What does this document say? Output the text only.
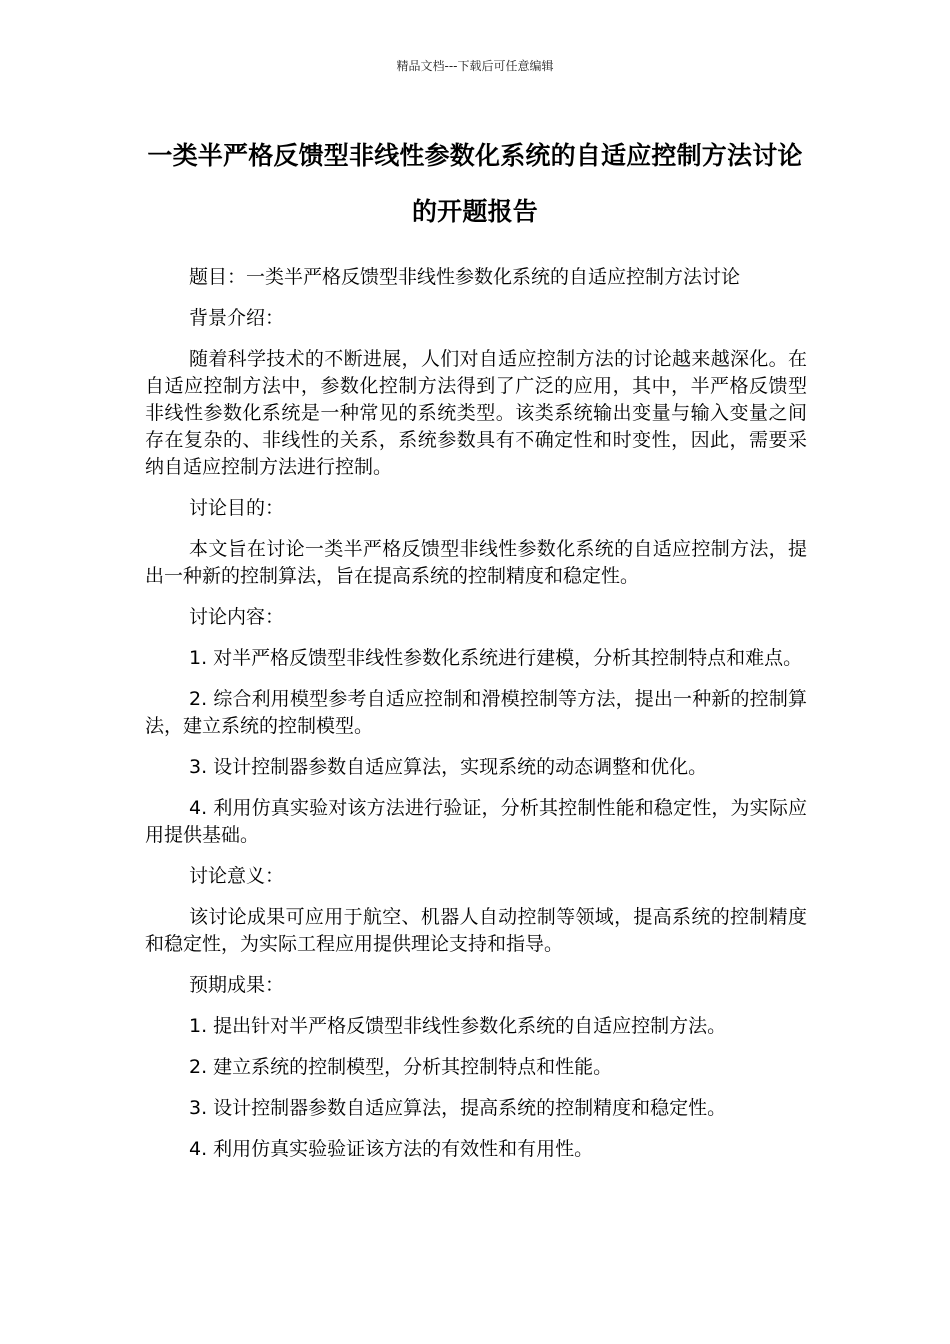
精品文档---下载后可任意编辑
一类半严格反馈型非线性参数化系统的自适应控制方法讨论的开题报告

题目：一类半严格反馈型非线性参数化系统的自适应控制方法讨论

背景介绍：

随着科学技术的不断进展，人们对自适应控制方法的讨论越来越深化。在自适应控制方法中，参数化控制方法得到了广泛的应用，其中，半严格反馈型非线性参数化系统是一种常见的系统类型。该类系统输出变量与输入变量之间存在复杂的、非线性的关系，系统参数具有不确定性和时变性，因此，需要采纳自适应控制方法进行控制。

讨论目的：

本文旨在讨论一类半严格反馈型非线性参数化系统的自适应控制方法，提出一种新的控制算法，旨在提高系统的控制精度和稳定性。

讨论内容：

1. 对半严格反馈型非线性参数化系统进行建模，分析其控制特点和难点。

2. 综合利用模型参考自适应控制和滑模控制等方法，提出一种新的控制算法，建立系统的控制模型。

3. 设计控制器参数自适应算法，实现系统的动态调整和优化。

4. 利用仿真实验对该方法进行验证，分析其控制性能和稳定性，为实际应用提供基础。

讨论意义：

该讨论成果可应用于航空、机器人自动控制等领域，提高系统的控制精度和稳定性，为实际工程应用提供理论支持和指导。

预期成果：

1. 提出针对半严格反馈型非线性参数化系统的自适应控制方法。

2. 建立系统的控制模型，分析其控制特点和性能。

3. 设计控制器参数自适应算法，提高系统的控制精度和稳定性。

4. 利用仿真实验验证该方法的有效性和有用性。
